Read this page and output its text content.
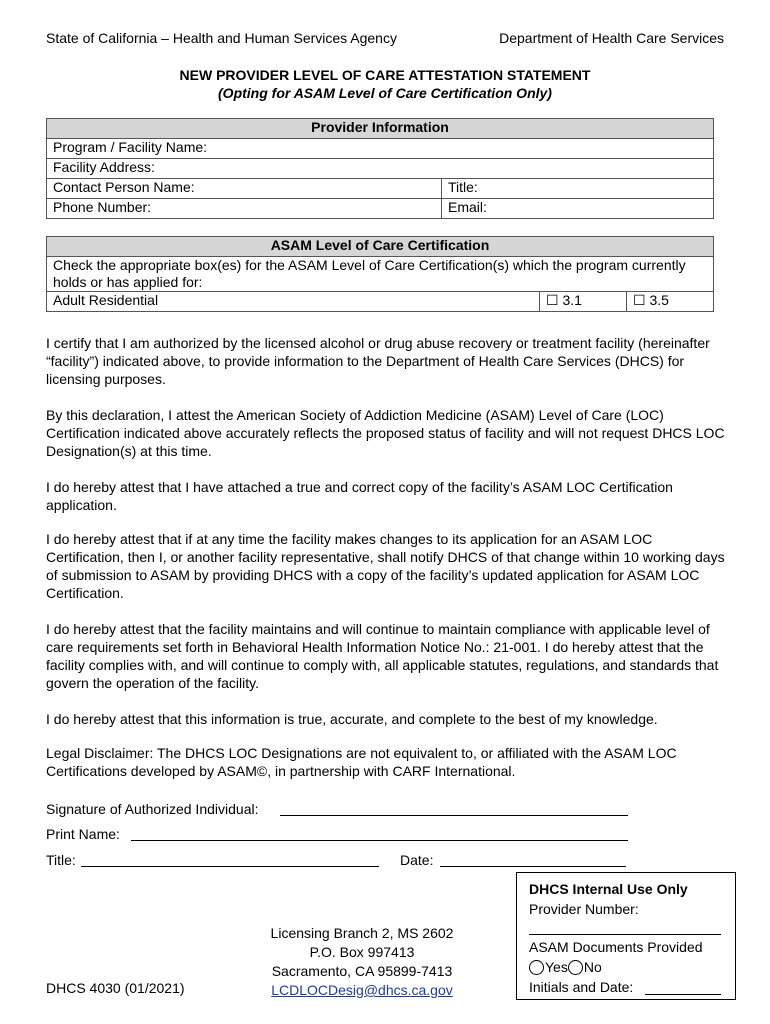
State of California – Health and Human Services Agency	Department of Health Care Services
NEW PROVIDER LEVEL OF CARE ATTESTATION STATEMENT
(Opting for ASAM Level of Care Certification Only)
Provider Information	
Program / Facility Name:	
Facility Address:	
Contact Person Name:	Title:
Phone Number:	Email:
ASAM Level of Care Certification
Check the appropriate box(es) for the ASAM Level of Care Certification(s) which the program currently holds or has applied for:
Adult Residential	☐ 3.1	☐ 3.5

I certify that I am authorized by the licensed alcohol or drug abuse recovery or treatment facility (hereinafter “facility”) indicated above, to provide information to the Department of Health Care Services (DHCS) for licensing purposes.

By this declaration, I attest the American Society of Addiction Medicine (ASAM) Level of Care (LOC) Certification indicated above accurately reflects the proposed status of facility and will not request DHCS LOC Designation(s) at this time.

I do hereby attest that I have attached a true and correct copy of the facility’s ASAM LOC Certification application.

I do hereby attest that if at any time the facility makes changes to its application for an ASAM LOC Certification, then I, or another facility representative, shall notify DHCS of that change within 10 working days of submission to ASAM by providing DHCS with a copy of the facility’s updated application for ASAM LOC Certification.

I do hereby attest that the facility maintains and will continue to maintain compliance with applicable level of care requirements set forth in Behavioral Health Information Notice No.: 21-001. I do hereby attest that the facility complies with, and will continue to comply with, all applicable statutes, regulations, and standards that govern the operation of the facility.

I do hereby attest that this information is true, accurate, and complete to the best of my knowledge.

Legal Disclaimer: The DHCS LOC Designations are not equivalent to, or affiliated with the ASAM LOC Certifications developed by ASAM©, in partnership with CARF International.

Signature of Authorized Individual:
Print Name:
Title:	Date:
DHCS Internal Use Only
Provider Number:
ASAM Documents Provided
Yes No
Initials and Date:
Licensing Branch 2, MS 2602
P.O. Box 997413
Sacramento, CA 95899-7413
LCDLOCDesig@dhcs.ca.gov
DHCS 4030 (01/2021)
